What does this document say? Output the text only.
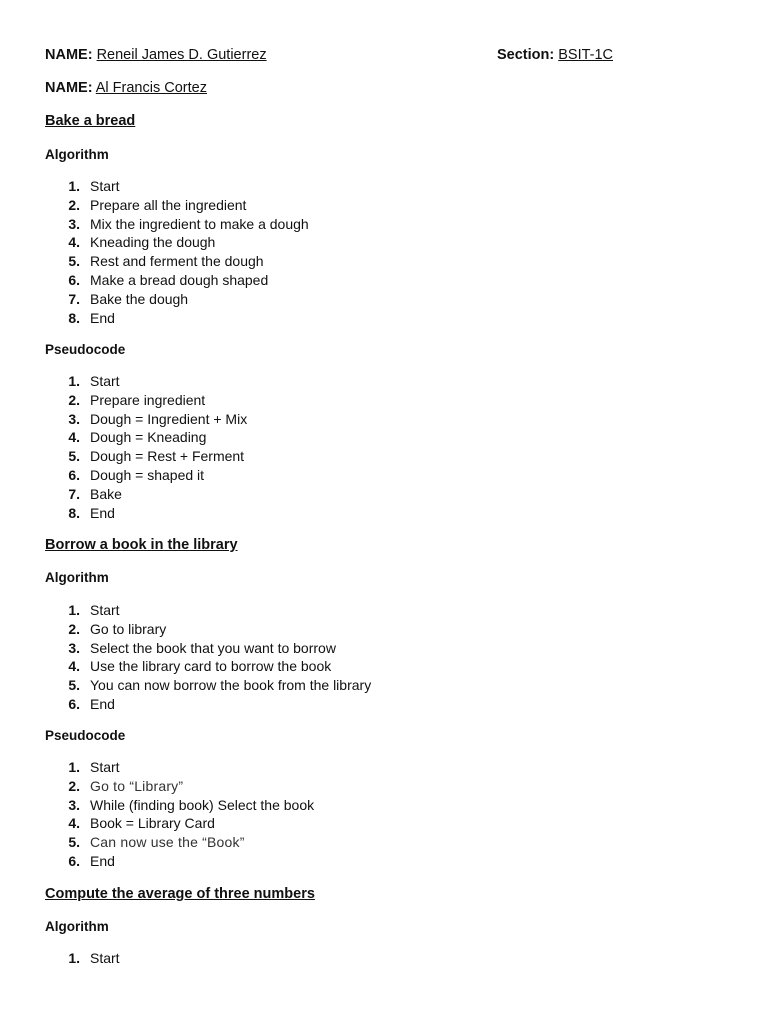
NAME: Reneil James D. Gutierrez	Section: BSIT-1C
NAME: Al Francis Cortez
Bake a bread
Algorithm
1. Start
2. Prepare all the ingredient
3. Mix the ingredient to make a dough
4. Kneading the dough
5. Rest and ferment the dough
6. Make a bread dough shaped
7. Bake the dough
8. End
Pseudocode
1. Start
2. Prepare ingredient
3. Dough = Ingredient + Mix
4. Dough = Kneading
5. Dough = Rest + Ferment
6. Dough = shaped it
7. Bake
8. End
Borrow a book in the library
Algorithm
1. Start
2. Go to library
3. Select the book that you want to borrow
4. Use the library card to borrow the book
5. You can now borrow the book from the library
6. End
Pseudocode
1. Start
2. Go to “Library”
3. While (finding book) Select the book
4. Book = Library Card
5. Can now use the “Book”
6. End
Compute the average of three numbers
Algorithm
1. Start
